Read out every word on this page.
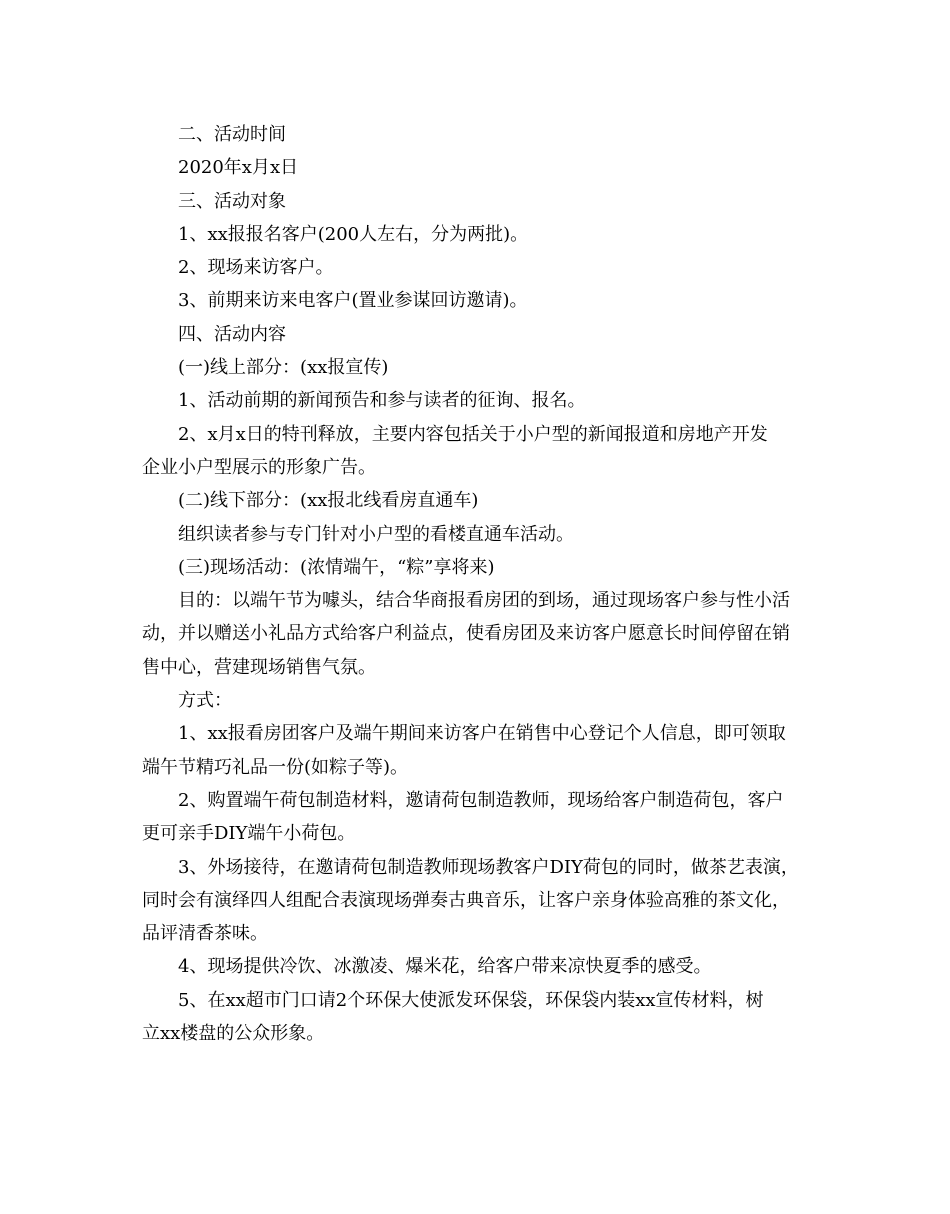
二、活动时间

2020年x月x日

三、活动对象

1、xx报报名客户(200人左右，分为两批)。

2、现场来访客户。

3、前期来访来电客户(置业参谋回访邀请)。

四、活动内容

(一)线上部分：(xx报宣传)

1、活动前期的新闻预告和参与读者的征询、报名。

2、x月x日的特刊释放，主要内容包括关于小户型的新闻报道和房地产开发
企业小户型展示的形象广告。

(二)线下部分：(xx报北线看房直通车)

组织读者参与专门针对小户型的看楼直通车活动。

(三)现场活动：(浓情端午，“粽”享将来)

目的：以端午节为噱头，结合华商报看房团的到场，通过现场客户参与性小活
动，并以赠送小礼品方式给客户利益点，使看房团及来访客户愿意长时间停留在销
售中心，营建现场销售气氛。

方式：

1、xx报看房团客户及端午期间来访客户在销售中心登记个人信息，即可领取
端午节精巧礼品一份(如粽子等)。

2、购置端午荷包制造材料，邀请荷包制造教师，现场给客户制造荷包，客户
更可亲手DIY端午小荷包。

3、外场接待，在邀请荷包制造教师现场教客户DIY荷包的同时，做茶艺表演，
同时会有演绎四人组配合表演现场弹奏古典音乐，让客户亲身体验高雅的茶文化，
品评清香茶味。

4、现场提供冷饮、冰激凌、爆米花，给客户带来凉快夏季的感受。

5、在xx超市门口请2个环保大使派发环保袋，环保袋内装xx宣传材料，树
立xx楼盘的公众形象。
